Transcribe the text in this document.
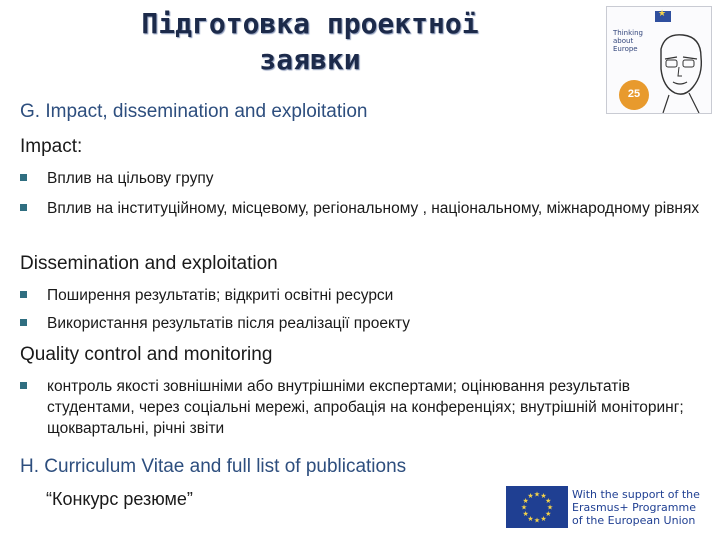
Підготовка проектної
заявки
★
Thinking
about
Europe
25
G. Impact, dissemination and exploitation
Impact:
Вплив на цільову групу
Вплив на інституційному, місцевому, регіональному , національному, міжнародному рівнях
Dissemination and exploitation
Поширення результатів; відкриті освітні ресурси
Використання результатів після реалізації проекту
Quality control and monitoring
контроль якості зовнішніми або внутрішніми експертами; оцінювання результатів студентами, через соціальні мережі, апробація на конференціях; внутрішній моніторинг; щоквартальні, річні звіти
H. Curriculum Vitae and full list of publications
“Конкурс резюме”	★
★
★
★
★
★
★
★
★ ★ ★
★
With the support of the
Erasmus+ Programme
of the European Union
